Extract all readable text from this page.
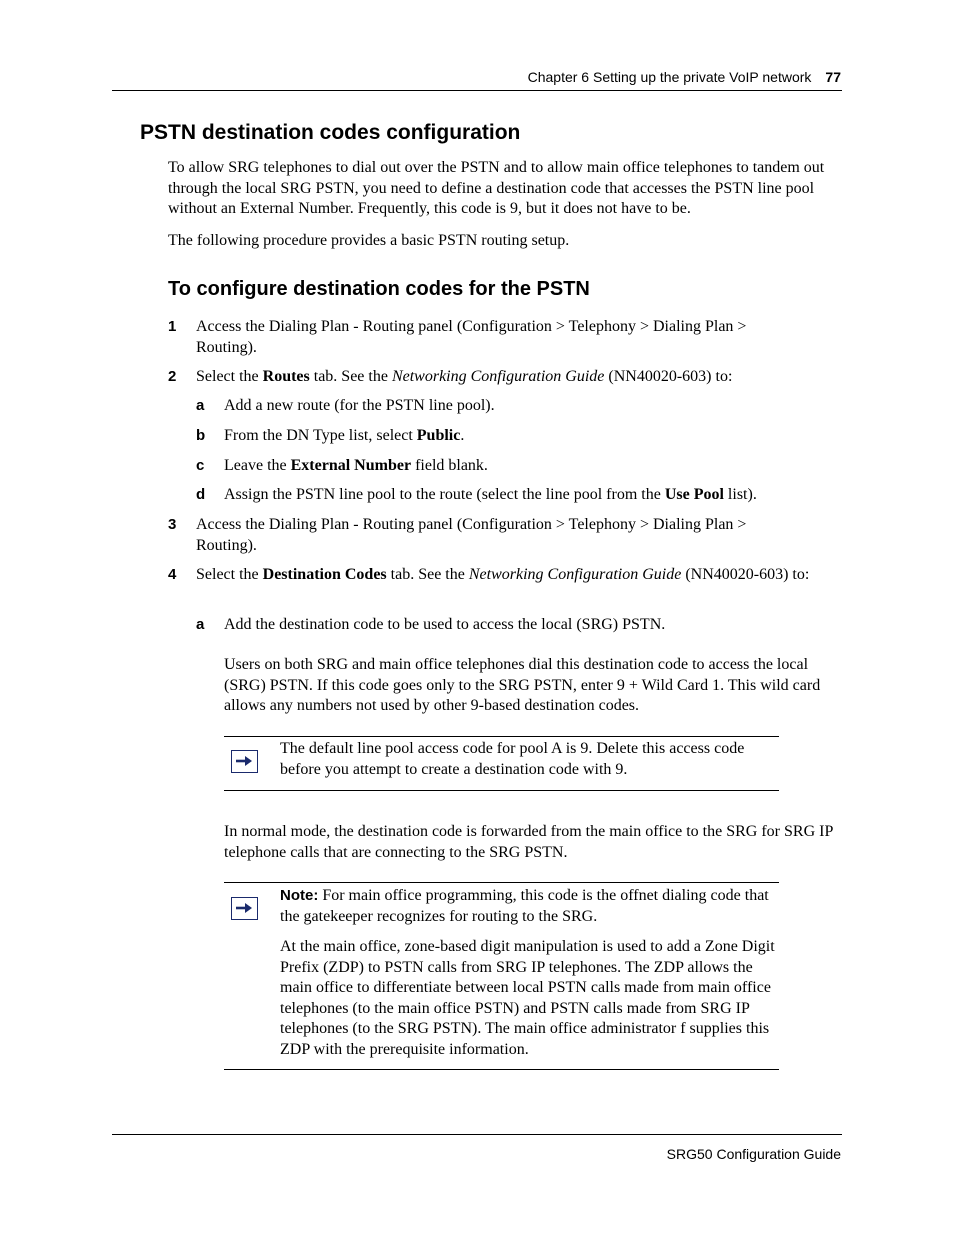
Chapter 6 Setting up the private VoIP network 77
PSTN destination codes configuration

To allow SRG telephones to dial out over the PSTN and to allow main office telephones to tandem out through the local SRG PSTN, you need to define a destination code that accesses the PSTN line pool without an External Number. Frequently, this code is 9, but it does not have to be.

The following procedure provides a basic PSTN routing setup.

To configure destination codes for the PSTN
1 Access the Dialing Plan - Routing panel (Configuration > Telephony > Dialing Plan > Routing).

2 Select the Routes tab. See the Networking Configuration Guide (NN40020-603) to:

a Add a new route (for the PSTN line pool).

b From the DN Type list, select Public.

c Leave the External Number field blank.

d Assign the PSTN line pool to the route (select the line pool from the Use Pool list).

3 Access the Dialing Plan - Routing panel (Configuration > Telephony > Dialing Plan > Routing).

4 Select the Destination Codes tab. See the Networking Configuration Guide (NN40020-603) to:

a Add the destination code to be used to access the local (SRG) PSTN.

Users on both SRG and main office telephones dial this destination code to access the local (SRG) PSTN. If this code goes only to the SRG PSTN, enter 9 + Wild Card 1. This wild card allows any numbers not used by other 9-based destination codes.

The default line pool access code for pool A is 9. Delete this access code before you attempt to create a destination code with 9.

In normal mode, the destination code is forwarded from the main office to the SRG for SRG IP telephone calls that are connecting to the SRG PSTN.

Note: For main office programming, this code is the offnet dialing code that the gatekeeper recognizes for routing to the SRG.

At the main office, zone-based digit manipulation is used to add a Zone Digit Prefix (ZDP) to PSTN calls from SRG IP telephones. The ZDP allows the main office to differentiate between local PSTN calls made from main office telephones (to the main office PSTN) and PSTN calls made from SRG IP telephones (to the SRG PSTN). The main office administrator f supplies this ZDP with the prerequisite information.

SRG50 Configuration Guide
